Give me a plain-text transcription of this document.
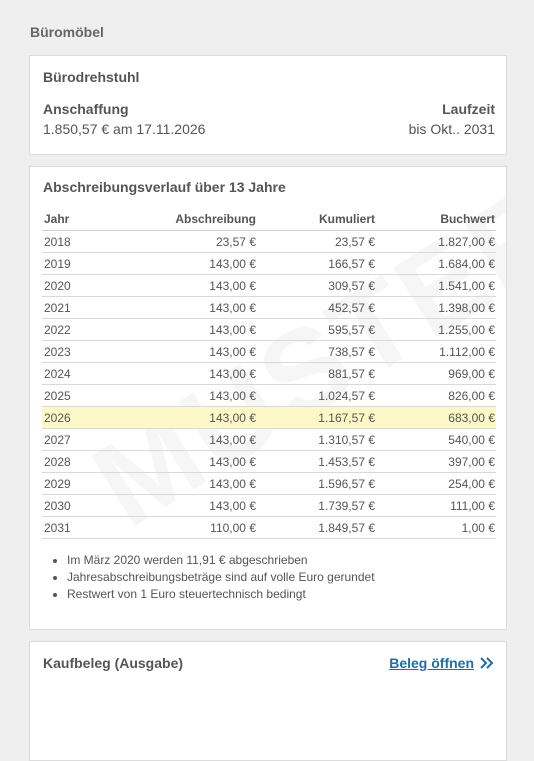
Büromöbel
Bürodrehstuhl
Anschaffung
1.850,57 € am 17.11.2026
Laufzeit
bis Okt.. 2031
Abschreibungsverlauf über 13 Jahre
Jahr	Abschreibung	Kumuliert	Buchwert
2018	23,57 €	23,57 €	1.827,00 €
2019	143,00 €	166,57 €	1.684,00 €
2020	143,00 €	309,57 €	1.541,00 €
2021	143,00 €	452,57 €	1.398,00 €
2022	143,00 €	595,57 €	1.255,00 €
2023	143,00 €	738,57 €	1.112,00 €
2024	143,00 €	881,57 €	969,00 €
2025	143,00 €	1.024,57 €	826,00 €
2026	143,00 €	1.167,57 €	683,00 €
2027	143,00 €	1.310,57 €	540,00 €
2028	143,00 €	1.453,57 €	397,00 €
2029	143,00 €	1.596,57 €	254,00 €
2030	143,00 €	1.739,57 €	111,00 €
2031	110,00 €	1.849,57 €	1,00 €
• Im März 2020 werden 11,91 € abgeschrieben
• Jahresabschreibungsbeträge sind auf volle Euro gerundet
• Restwert von 1 Euro steuertechnisch bedingt
Kaufbeleg (Ausgabe)	Beleg öffnen
